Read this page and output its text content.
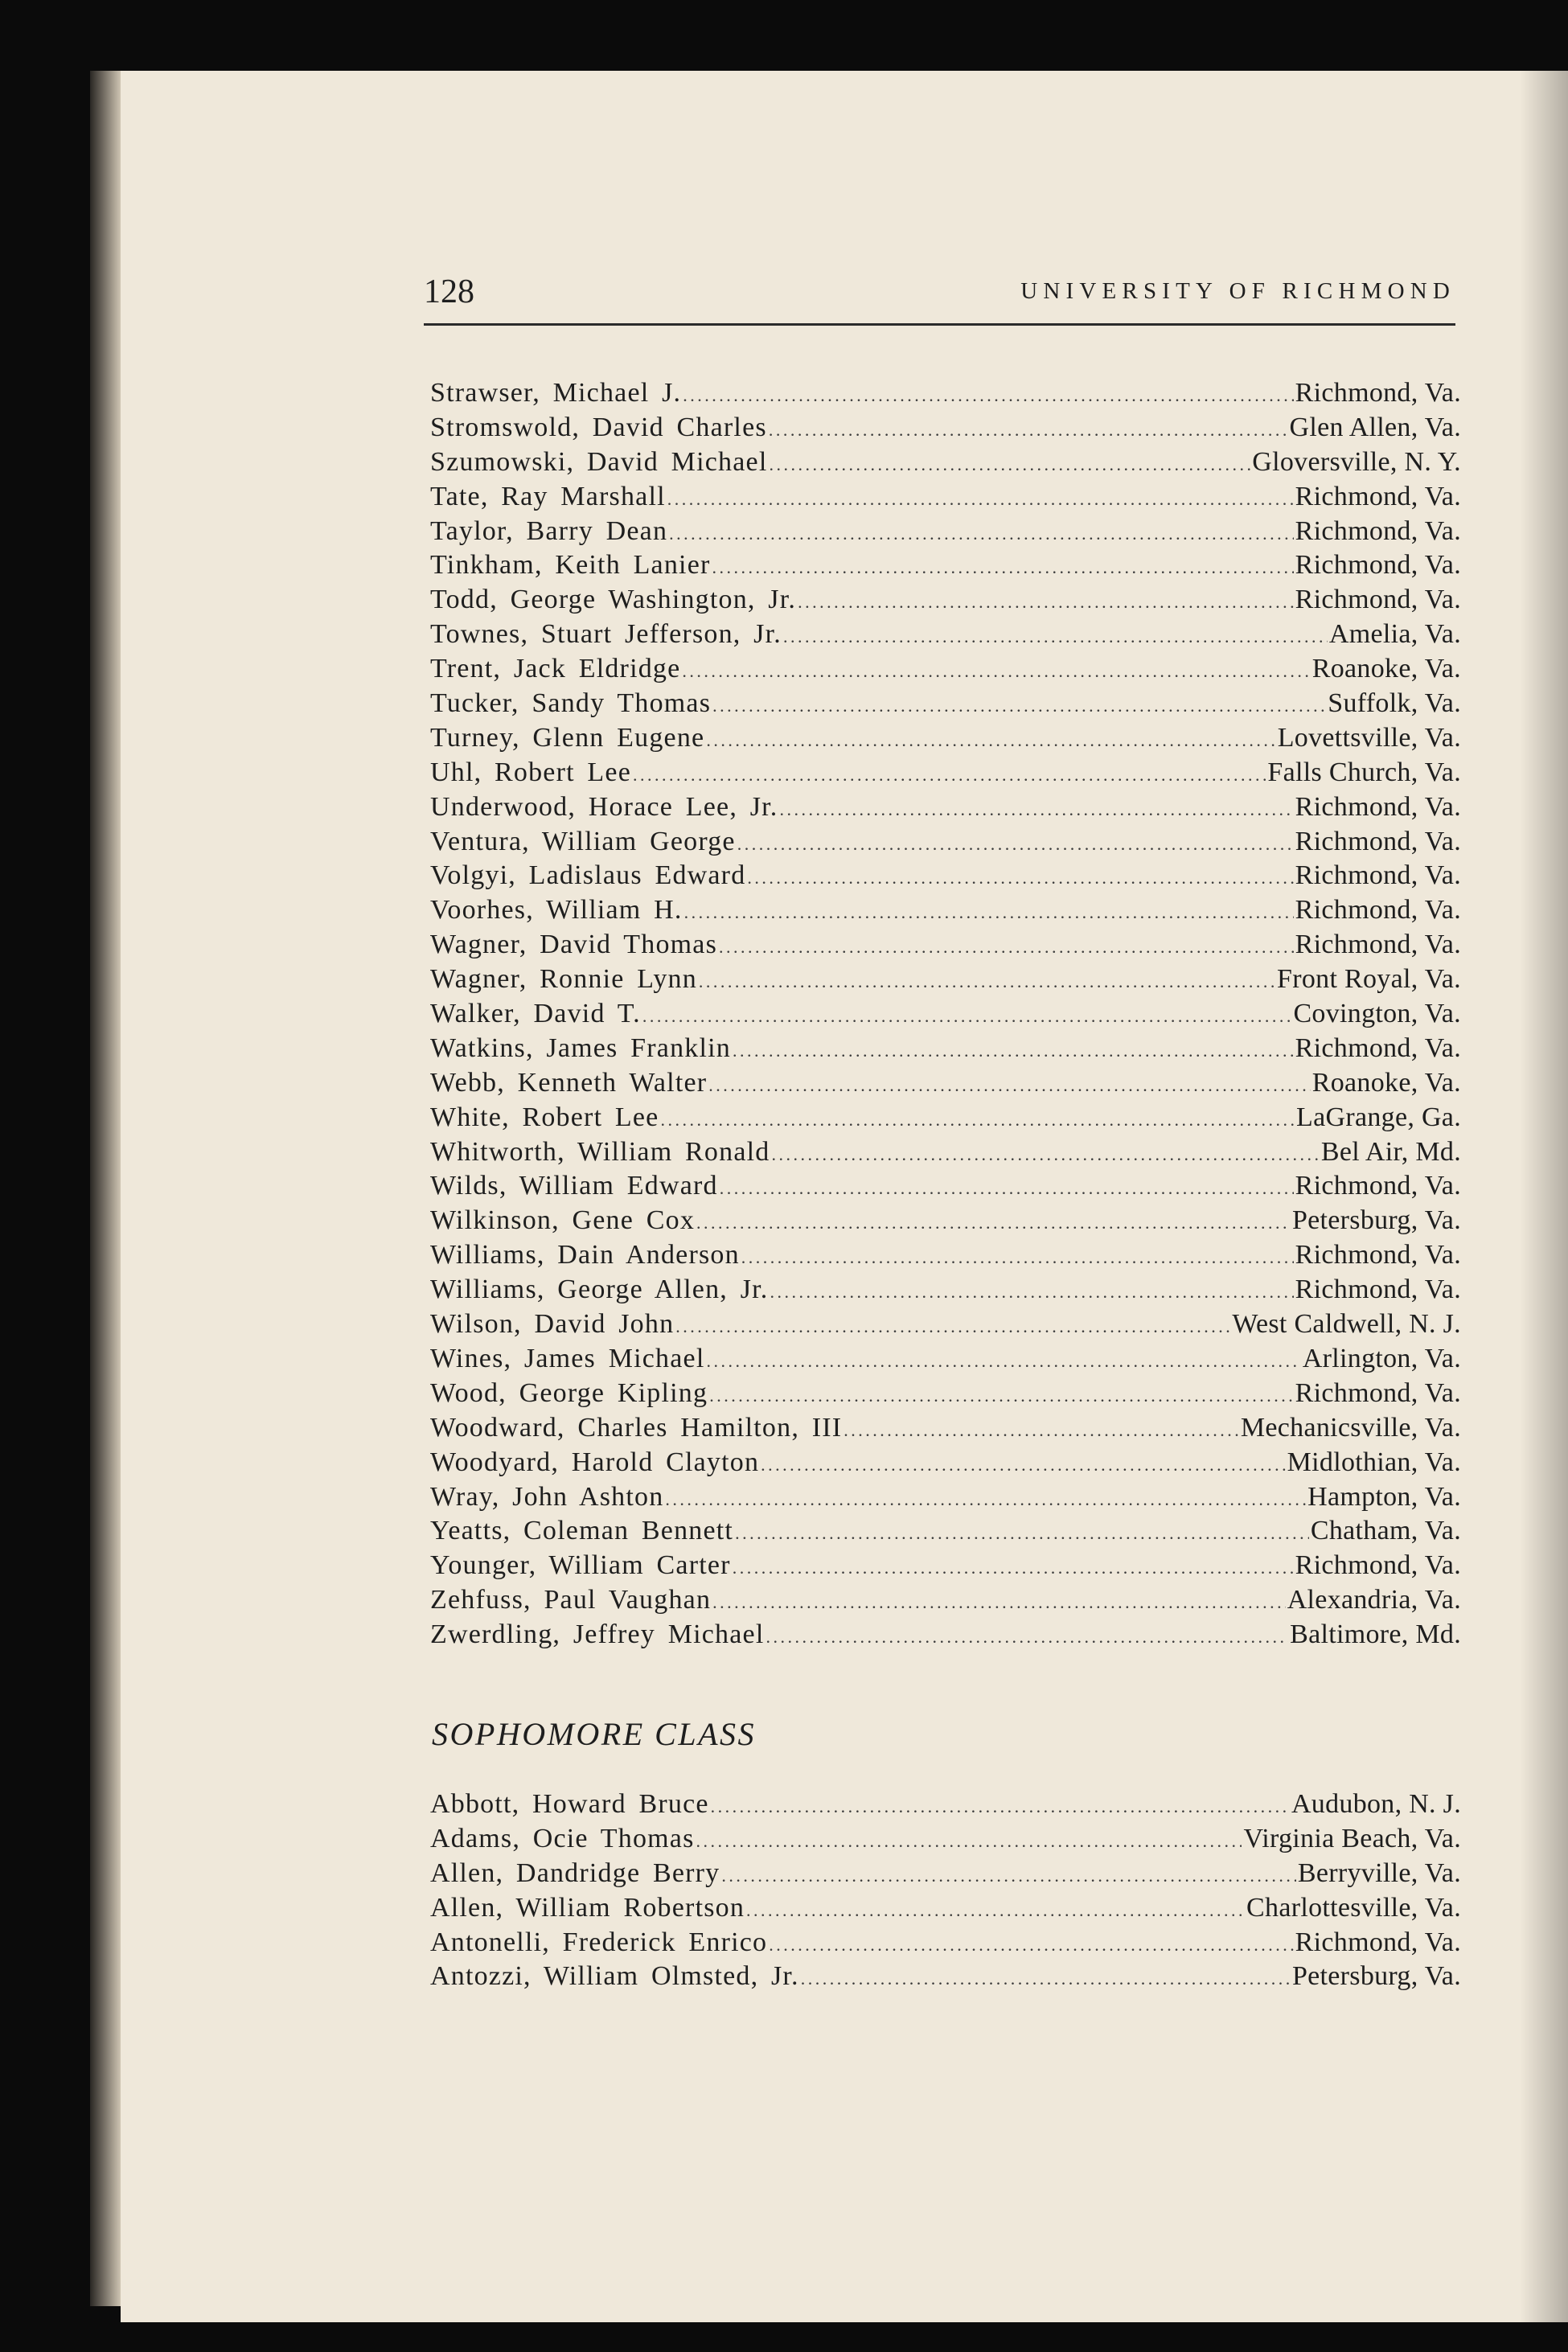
128	UNIVERSITY OF RICHMOND
Strawser, Michael J. .....	Richmond, Va.
Stromswold, David Charles .....	Glen Allen, Va.
Szumowski, David Michael .....	Gloversville, N. Y.
Tate, Ray Marshall .....	Richmond, Va.
Taylor, Barry Dean .....	Richmond, Va.
Tinkham, Keith Lanier .....	Richmond, Va.
Todd, George Washington, Jr. .....	Richmond, Va.
Townes, Stuart Jefferson, Jr. .....	Amelia, Va.
Trent, Jack Eldridge .....	Roanoke, Va.
Tucker, Sandy Thomas .....	Suffolk, Va.
Turney, Glenn Eugene .....	Lovettsville, Va.
Uhl, Robert Lee .....	Falls Church, Va.
Underwood, Horace Lee, Jr. .....	Richmond, Va.
Ventura, William George .....	Richmond, Va.
Volgyi, Ladislaus Edward .....	Richmond, Va.
Voorhes, William H. .....	Richmond, Va.
Wagner, David Thomas .....	Richmond, Va.
Wagner, Ronnie Lynn .....	Front Royal, Va.
Walker, David T. .....	Covington, Va.
Watkins, James Franklin .....	Richmond, Va.
Webb, Kenneth Walter .....	Roanoke, Va.
White, Robert Lee .....	LaGrange, Ga.
Whitworth, William Ronald .....	Bel Air, Md.
Wilds, William Edward .....	Richmond, Va.
Wilkinson, Gene Cox .....	Petersburg, Va.
Williams, Dain Anderson .....	Richmond, Va.
Williams, George Allen, Jr. .....	Richmond, Va.
Wilson, David John .....	West Caldwell, N. J.
Wines, James Michael .....	Arlington, Va.
Wood, George Kipling .....	Richmond, Va.
Woodward, Charles Hamilton, III .....	Mechanicsville, Va.
Woodyard, Harold Clayton .....	Midlothian, Va.
Wray, John Ashton .....	Hampton, Va.
Yeatts, Coleman Bennett .....	Chatham, Va.
Younger, William Carter .....	Richmond, Va.
Zehfuss, Paul Vaughan .....	Alexandria, Va.
Zwerdling, Jeffrey Michael .....	Baltimore, Md.
SOPHOMORE CLASS
Abbott, Howard Bruce .....	Audubon, N. J.
Adams, Ocie Thomas .....	Virginia Beach, Va.
Allen, Dandridge Berry .....	Berryville, Va.
Allen, William Robertson .....	Charlottesville, Va.
Antonelli, Frederick Enrico .....	Richmond, Va.
Antozzi, William Olmsted, Jr. .....	Petersburg, Va.
